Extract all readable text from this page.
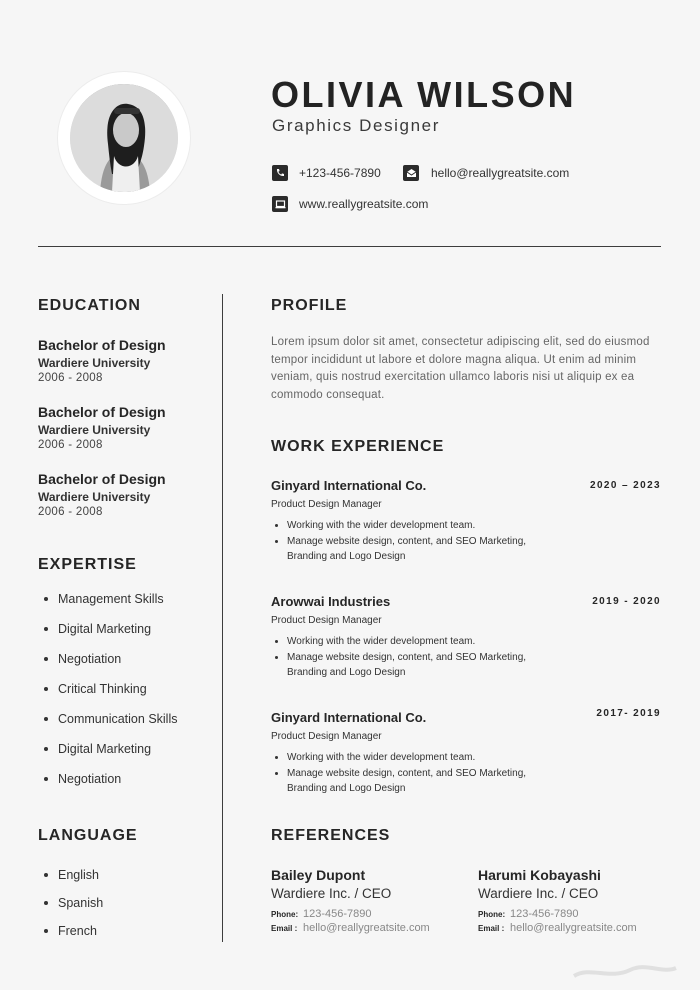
OLIVIA WILSON
Graphics Designer
+123-456-7890	hello@reallygreatsite.com
www.reallygreatsite.com
EDUCATION
Bachelor of Design
Wardiere University
2006 - 2008
Bachelor of Design
Wardiere University
2006 - 2008
Bachelor of Design
Wardiere University
2006 - 2008
EXPERTISE
Management Skills
Digital Marketing
Negotiation
Critical Thinking
Communication Skills
Digital Marketing
Negotiation
LANGUAGE
English
Spanish
French
PROFILE
Lorem ipsum dolor sit amet, consectetur adipiscing elit, sed do eiusmod tempor incididunt ut labore et dolore magna aliqua. Ut enim ad minim veniam, quis nostrud exercitation ullamco laboris nisi ut aliquip ex ea commodo consequat.
WORK EXPERIENCE
Ginyard International Co.	2020 – 2023
Product Design Manager
Working with the wider development team.
Manage website design, content, and SEO Marketing, Branding and Logo Design
Arowwai Industries	2019 - 2020
Product Design Manager
Working with the wider development team.
Manage website design, content, and SEO Marketing, Branding and Logo Design
Ginyard International Co.	2017- 2019
Product Design Manager
Working with the wider development team.
Manage website design, content, and SEO Marketing, Branding and Logo Design
REFERENCES
Bailey Dupont
Wardiere Inc. / CEO
Phone: 123-456-7890
Email : hello@reallygreatsite.com
Harumi Kobayashi
Wardiere Inc. / CEO
Phone: 123-456-7890
Email : hello@reallygreatsite.com
